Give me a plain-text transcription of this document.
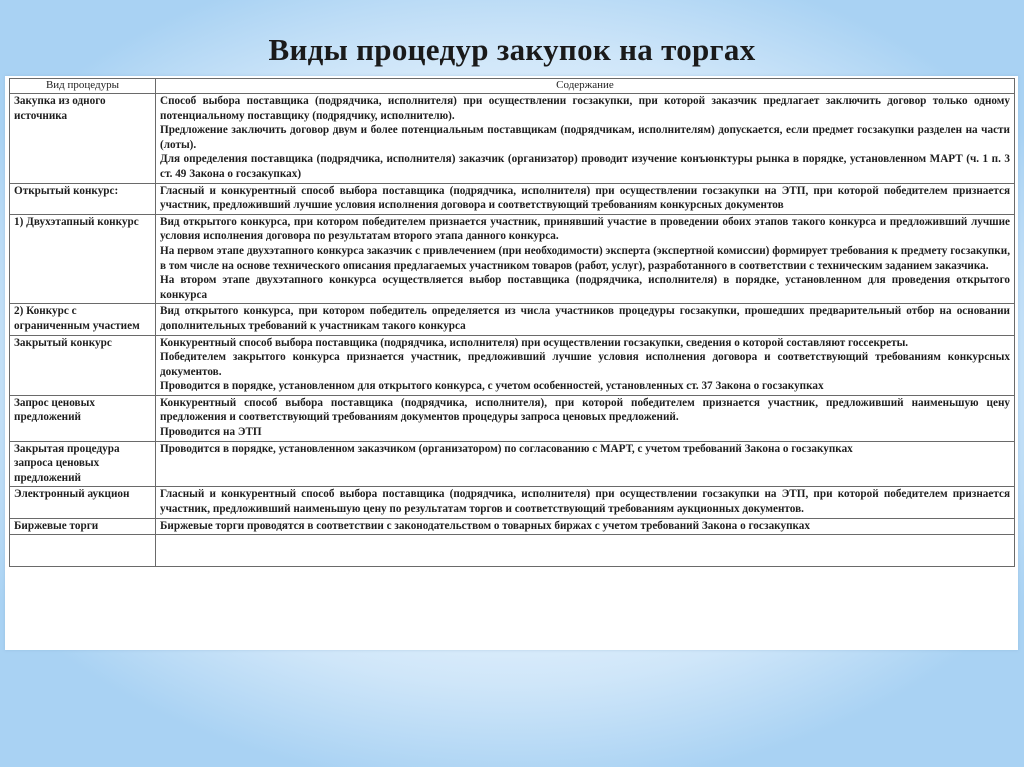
Виды процедур закупок на торгах
Вид процедуры	Содержание
Закупка из одного источника	Способ выбора поставщика (подрядчика, исполнителя) при осуществлении госзакупки, при которой заказчик предлагает заключить договор только одному потенциальному поставщику (подрядчику, исполнителю).

Предложение заключить договор двум и более потенциальным поставщикам (подрядчикам, исполнителям) допускается, если предмет госзакупки разделен на части (лоты).

Для определения поставщика (подрядчика, исполнителя) заказчик (организатор) проводит изучение конъюнктуры рынка в порядке, установленном МАРТ (ч. 1 п. 3 ст. 49 Закона о госзакупках)

Открытый конкурс:	Гласный и конкурентный способ выбора поставщика (подрядчика, исполнителя) при осуществлении госзакупки на ЭТП, при которой победителем признается участник, предложивший лучшие условия исполнения договора и соответствующий требованиям конкурсных документов

1) Двухэтапный конкурс	Вид открытого конкурса, при котором победителем признается участник, принявший участие в проведении обоих этапов такого конкурса и предложивший лучшие условия исполнения договора по результатам второго этапа данного конкурса.

На первом этапе двухэтапного конкурса заказчик с привлечением (при необходимости) эксперта (экспертной комиссии) формирует требования к предмету госзакупки, в том числе на основе технического описания предлагаемых участником товаров (работ, услуг), разработанного в соответствии с техническим заданием заказчика.

На втором этапе двухэтапного конкурса осуществляется выбор поставщика (подрядчика, исполнителя) в порядке, установленном для проведения открытого конкурса

2) Конкурс с ограниченным участием	Вид открытого конкурса, при котором победитель определяется из числа участников процедуры госзакупки, прошедших предварительный отбор на основании дополнительных требований к участникам такого конкурса

Закрытый конкурс	Конкурентный способ выбора поставщика (подрядчика, исполнителя) при осуществлении госзакупки, сведения о которой составляют госсекреты.

Победителем закрытого конкурса признается участник, предложивший лучшие условия исполнения договора и соответствующий требованиям конкурсных документов.

Проводится в порядке, установленном для открытого конкурса, с учетом особенностей, установленных ст. 37 Закона о госзакупках

Запрос ценовых предложений	Конкурентный способ выбора поставщика (подрядчика, исполнителя), при которой победителем признается участник, предложивший наименьшую цену предложения и соответствующий требованиям документов процедуры запроса ценовых предложений.

Проводится на ЭТП

Закрытая процедура запроса ценовых предложений	Проводится в порядке, установленном заказчиком (организатором) по согласованию с МАРТ, с учетом требований Закона о госзакупках

Электронный аукцион	Гласный и конкурентный способ выбора поставщика (подрядчика, исполнителя) при осуществлении госзакупки на ЭТП, при которой победителем признается участник, предложивший наименьшую цену по результатам торгов и соответствующий требованиям аукционных документов.

Биржевые торги	Биржевые торги проводятся в соответствии с законодательством о товарных биржах с учетом требований Закона о госзакупках
